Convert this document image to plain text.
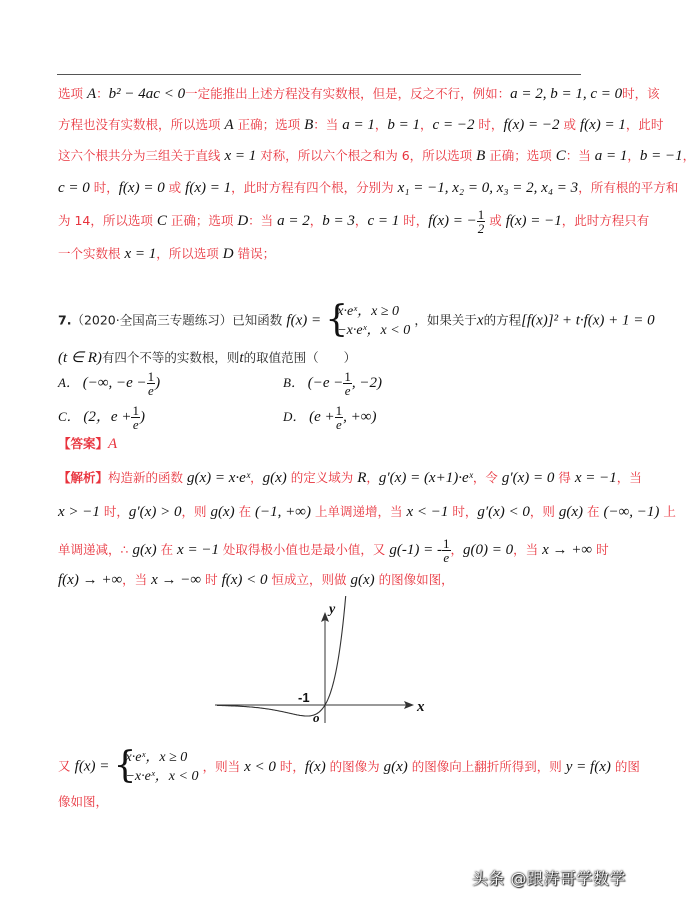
选项 A：b² − 4ac < 0一定能推出上述方程没有实数根，但是，反之不行，例如：a = 2, b = 1, c = 0时，该
方程也没有实数根，所以选项 A 正确；选项 B：当 a = 1，b = 1，c = −2 时，f(x) = −2 或 f(x) = 1，此时
这六个根共分为三组关于直线 x = 1 对称，所以六个根之和为 6，所以选项 B 正确；选项 C：当 a = 1，b = −1，
c = 0 时，f(x) = 0 或 f(x) = 1，此时方程有四个根，分别为 x₁ = −1, x₂ = 0, x₃ = 2, x₄ = 3，所有根的平方和
为 14，所以选项 C 正确；选项 D：当 a = 2，b = 3，c = 1 时，f(x) = − $\frac{1}{2}$ 或 f(x) = −1，此时方程只有
一个实数根 x = 1，所以选项 D 错误；
7.（2020·全国高三专题练习）已知函数 f(x) = {
x·eˣ，x ≥ 0
−x·eˣ，x < 0
，如果关于x的方程[f(x)]² + t·f(x) + 1 = 0
(t ∈ R)有四个不等的实数根，则t的取值范围（　　）
A． (−∞, $-e - \frac{1}{e}$ )	B． ($-e - \frac{1}{e}$ , −2)
C． (2，$e + \frac{1}{e}$ )	D． ($e + \frac{1}{e}$ , +∞)
【答案】A
【解析】构造新的函数 g(x) = x·eˣ，g(x) 的定义域为 R，g′(x) = (x+1)·eˣ，令 g′(x) = 0 得 x = −1，当
x > −1 时，g′(x) > 0，则 g(x) 在 (−1, +∞) 上单调递增，当 x < −1 时，g′(x) < 0，则 g(x) 在 (−∞, −1) 上
单调递减，∴ g(x) 在 x = −1 处取得极小值也是最小值，又 g(-1) = - $\frac{1}{e}$ ，g(0) = 0，当 x → +∞ 时
f(x) → +∞，当 x → −∞ 时 f(x) < 0 恒成立，则做 g(x) 的图像如图，
x
y
o
-1
又 f(x) = {
x·eˣ，x ≥ 0
−x·eˣ，x < 0
，则当 x < 0 时，f(x) 的图像为 g(x) 的图像向上翻折所得到，则 y = f(x) 的图
像如图，
头条 @跟涛哥学数学
